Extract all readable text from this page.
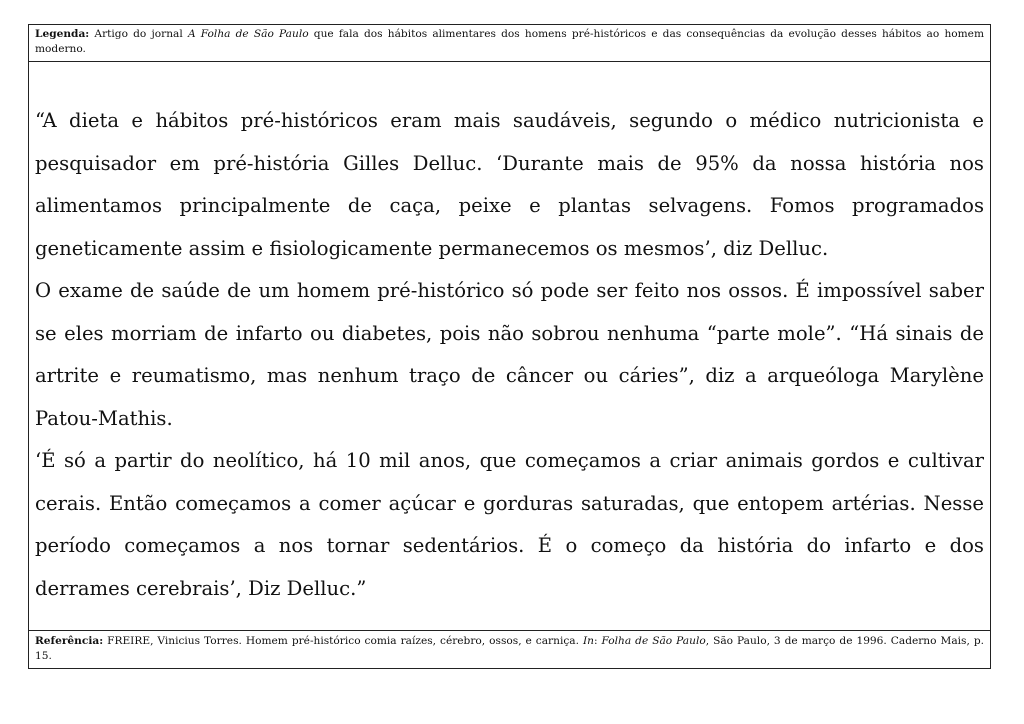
Legenda: Artigo do jornal A Folha de São Paulo que fala dos hábitos alimentares dos homens pré-históricos e das consequências da evolução desses hábitos ao homem moderno.

“A dieta e hábitos pré-históricos eram mais saudáveis, segundo o médico nutricionista e pesquisador em pré-história Gilles Delluc. ‘Durante mais de 95% da nossa história nos alimentamos principalmente de caça, peixe e plantas selvagens. Fomos programados geneticamente assim e fisiologicamente permanecemos os mesmos’, diz Delluc.

O exame de saúde de um homem pré-histórico só pode ser feito nos ossos. É impossível saber se eles morriam de infarto ou diabetes, pois não sobrou nenhuma “parte mole”. “Há sinais de artrite e reumatismo, mas nenhum traço de câncer ou cáries”, diz a arqueóloga Marylène Patou-Mathis.

‘É só a partir do neolítico, há 10 mil anos, que começamos a criar animais gordos e cultivar cerais. Então começamos a comer açúcar e gorduras saturadas, que entopem artérias. Nesse período começamos a nos tornar sedentários. É o começo da história do infarto e dos derrames cerebrais’, Diz Delluc.”

Referência: FREIRE, Vinicius Torres. Homem pré-histórico comia raízes, cérebro, ossos, e carniça. In: Folha de São Paulo, São Paulo, 3 de março de 1996. Caderno Mais, p. 15.
